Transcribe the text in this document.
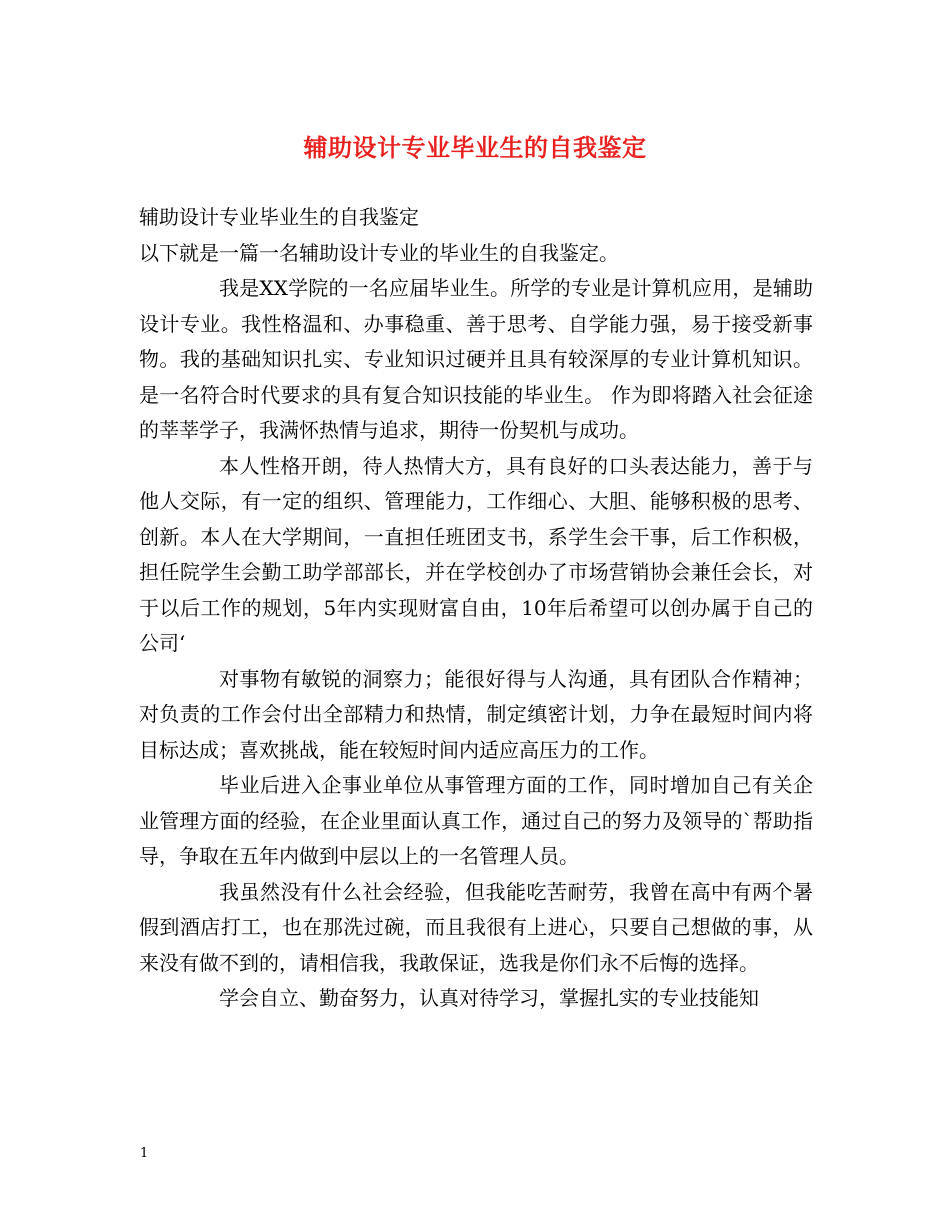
辅助设计专业毕业生的自我鉴定

辅助设计专业毕业生的自我鉴定

以下就是一篇一名辅助设计专业的毕业生的自我鉴定。

我是XX学院的一名应届毕业生。所学的专业是计算机应用，是辅助设计专业。我性格温和、办事稳重、善于思考、自学能力强，易于接受新事物。我的基础知识扎实、专业知识过硬并且具有较深厚的专业计算机知识。是一名符合时代要求的具有复合知识技能的毕业生。 作为即将踏入社会征途的莘莘学子，我满怀热情与追求，期待一份契机与成功。

本人性格开朗，待人热情大方，具有良好的口头表达能力，善于与他人交际，有一定的组织、管理能力，工作细心、大胆、能够积极的思考、创新。本人在大学期间，一直担任班团支书，系学生会干事，后工作积极，担任院学生会勤工助学部部长，并在学校创办了市场营销协会兼任会长，对于以后工作的规划，5年内实现财富自由，10年后希望可以创办属于自己的公司‘

对事物有敏锐的洞察力；能很好得与人沟通，具有团队合作精神；对负责的工作会付出全部精力和热情，制定缜密计划，力争在最短时间内将目标达成；喜欢挑战，能在较短时间内适应高压力的工作。

毕业后进入企事业单位从事管理方面的工作，同时增加自己有关企业管理方面的经验，在企业里面认真工作，通过自己的努力及领导的`帮助指导，争取在五年内做到中层以上的一名管理人员。

我虽然没有什么社会经验，但我能吃苦耐劳，我曾在高中有两个暑假到酒店打工，也在那洗过碗，而且我很有上进心，只要自己想做的事，从来没有做不到的，请相信我，我敢保证，选我是你们永不后悔的选择。

学会自立、勤奋努力，认真对待学习，掌握扎实的专业技能知

1
